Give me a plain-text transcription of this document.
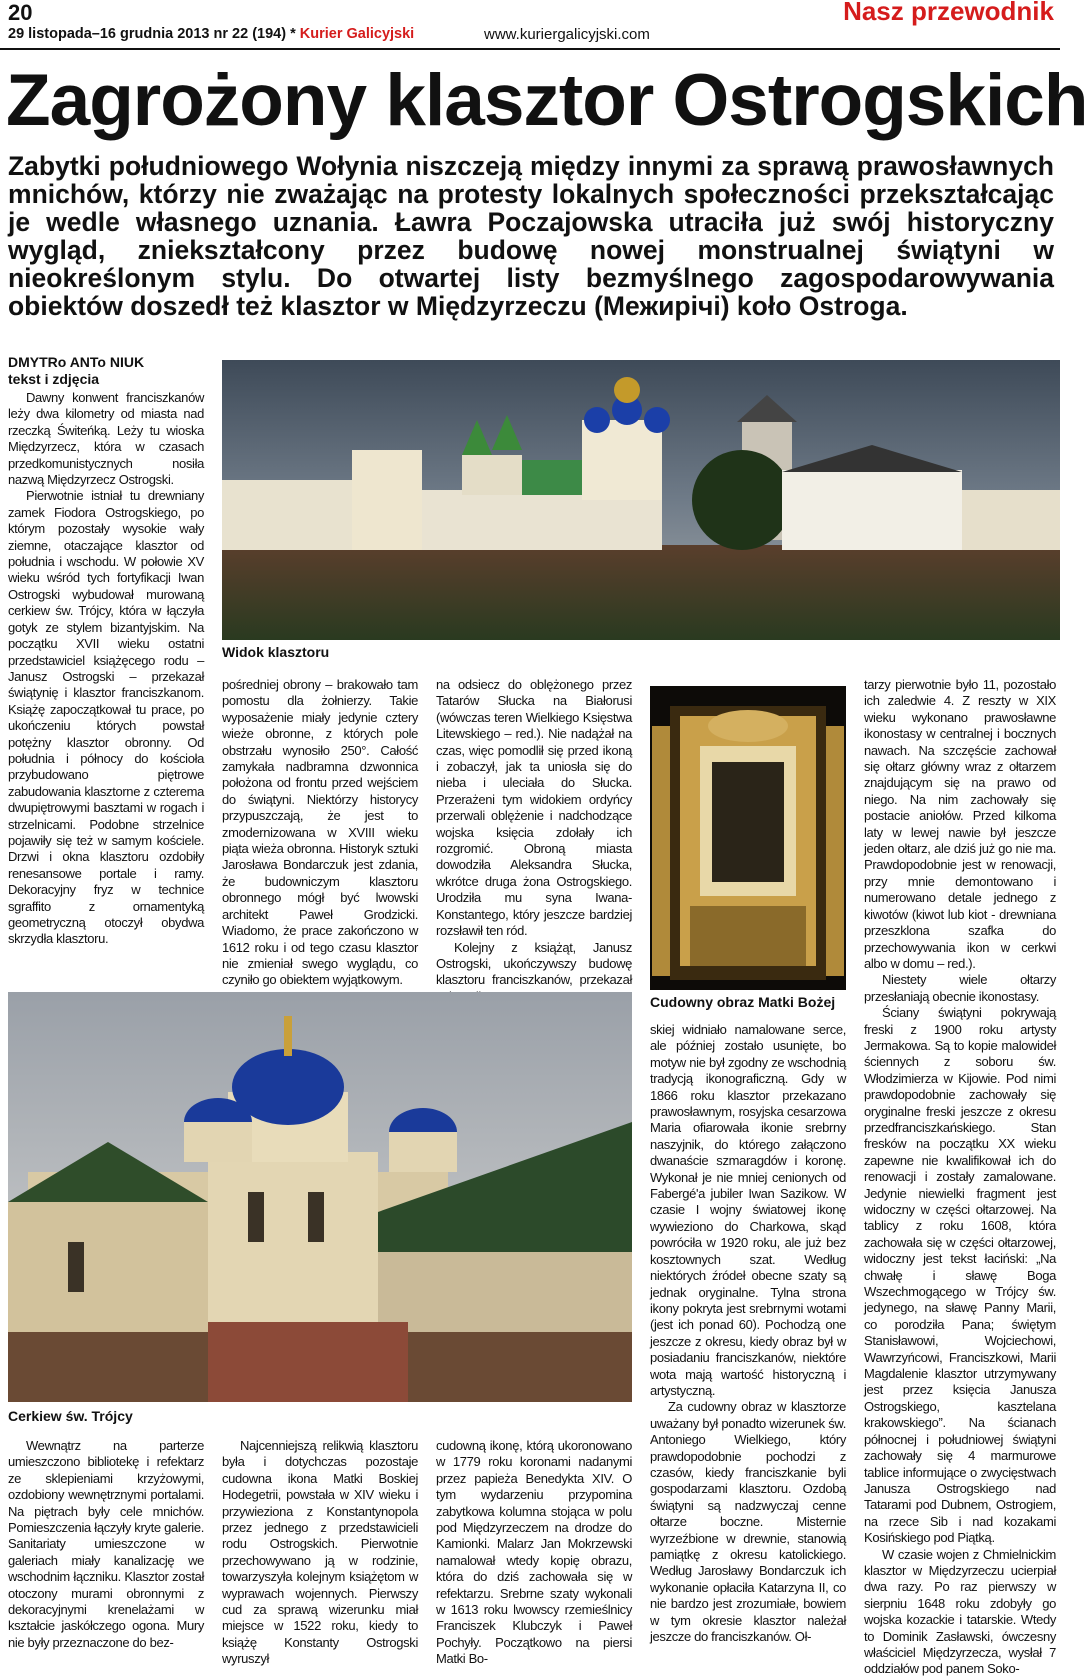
20	Nasz przewodnik
29 listopada–16 grudnia 2013 nr 22 (194) * Kurier Galicyjski	www.kuriergalicyjski.com
Zagrożony klasztor Ostrogskich
Zabytki południowego Wołynia niszczeją między innymi za sprawą prawosławnych mnichów, którzy nie zważając na protesty lokalnych społeczności przekształcając je wedle własnego uznania. Ławra Poczajowska utraciła już swój historyczny wygląd, zniekształcony przez budowę nowej monstrualnej świątyni w nieokreślonym stylu. Do otwartej listy bezmyślnego zagospodarowywania obiektów doszedł też klasztor w Międzyrzeczu (Межирічі) koło Ostroga.
DMYTRo ANTo NIUK
tekst i zdjęcia

Dawny konwent franciszkanów leży dwa kilometry od miasta nad rzeczką Świteńką. Leży tu wioska Międzyrzecz, która w czasach przedkomunistycznych nosiła nazwą Międzyrzecz Ostrogski.

Pierwotnie istniał tu drewniany zamek Fiodora Ostrogskiego, po którym pozostały wysokie wały ziemne, otaczające klasztor od południa i wschodu. W połowie XV wieku wśród tych fortyfikacji Iwan Ostrogski wybudował murowaną cerkiew św. Trójcy, która w łączyła gotyk ze stylem bizantyjskim. Na początku XVII wieku ostatni przedstawiciel książęcego rodu – Janusz Ostrogski – przekazał świątynię i klasztor franciszkanom. Książę zapoczątkował tu prace, po ukończeniu których powstał potężny klasztor obronny. Od południa i północy do kościoła przybudowano piętrowe zabudowania klasztorne z czterema dwupiętrowymi basztami w rogach i strzelnicami. Podobne strzelnice pojawiły się też w samym kościele. Drzwi i okna klasztoru ozdobiły renesansowe portale i ramy. Dekoracyjny fryz w technice sgraffito z ornamentyką geometryczną otoczył obydwa skrzydła klasztoru.

Widok klasztoru

pośredniej obrony – brakowało tam pomostu dla żołnierzy. Takie wyposażenie miały jedynie cztery wieże obronne, z których pole obstrzału wynosiło 250°. Całość zamykała nadbramna dzwonnica położona od frontu przed wejściem do świątyni. Niektórzy historycy przypuszczają, że jest to zmodernizowana w XVIII wieku piąta wieża obronna. Historyk sztuki Jarosława Bondarczuk jest zdania, że budowniczym klasztoru obronnego mógł być lwowski architekt Paweł Grodzicki. Wiadomo, że prace zakończono w 1612 roku i od tego czasu klasztor nie zmieniał swego wyglądu, co czyniło go obiektem wyjątkowym.

na odsiecz do oblężonego przez Tatarów Słucka na Białorusi (wówczas teren Wielkiego Księstwa Litewskiego – red.). Nie nadążał na czas, więc pomodlił się przed ikoną i zobaczył, jak ta uniosła się do nieba i uleciała do Słucka. Przerażeni tym widokiem ordyńcy przerwali oblężenie i nadchodzące wojska księcia zdołały ich rozgromić. Obroną miasta dowodziła Aleksandra Słucka, wkrótce druga żona Ostrogskiego. Urodziła mu syna Iwana-Konstantego, który jeszcze bardziej rozsławił ten ród.

Kolejny z książąt, Janusz Ostrogski, ukończywszy budowę klasztoru franciszkanów, przekazał

Cudowny obraz Matki Bożej

skiej widniało namalowane serce, ale później zostało usunięte, bo motyw nie był zgodny ze wschodnią tradycją ikonograficzną. Gdy w 1866 roku klasztor przekazano prawosławnym, rosyjska cesarzowa Maria ofiarowała ikonie srebrny naszyjnik, do którego załączono dwanaście szmaragdów i koronę. Wykonał je nie mniej cenionych od Fabergé'a jubiler Iwan Sazikow. W czasie I wojny światowej ikonę wywieziono do Charkowa, skąd powróciła w 1920 roku, ale już bez kosztownych szat. Według niektórych źródeł obecne szaty są jednak oryginalne. Tylna strona ikony pokryta jest srebrnymi wotami (jest ich ponad 60). Pochodzą one jeszcze z okresu, kiedy obraz był w posiadaniu franciszkanów, niektóre wota mają wartość historyczną i artystyczną.

Za cudowny obraz w klasztorze uważany był ponadto wizerunek św. Antoniego Wielkiego, który prawdopodobnie pochodzi z czasów, kiedy franciszkanie byli gospodarzami klasztoru. Ozdobą świątyni są nadzwyczaj cenne ołtarze boczne. Misternie wyrzeźbione w drewnie, stanowią pamiątkę z okresu katolickiego. Według Jarosławy Bondarczuk ich wykonanie opłaciła Katarzyna II, co nie bardzo jest zrozumiałe, bowiem w tym okresie klasztor należał jeszcze do franciszkanów. Oł-

tarzy pierwotnie było 11, pozostało ich zaledwie 4. Z reszty w XIX wieku wykonano prawosławne ikonostasy w centralnej i bocznych nawach. Na szczęście zachował się ołtarz główny wraz z ołtarzem znajdującym się na prawo od niego. Na nim zachowały się postacie aniołów. Przed kilkoma laty w lewej nawie był jeszcze jeden ołtarz, ale dziś już go nie ma. Prawdopodobnie jest w renowacji, przy mnie demontowano i numerowano detale jednego z kiwotów (kiwot lub kiot - drewniana przeszklona szafka do przechowywania ikon w cerkwi albo w domu – red.).

Niestety wiele ołtarzy przesłaniają obecnie ikonostasy.

Ściany świątyni pokrywają freski z 1900 roku artysty Jermakowa. Są to kopie malowideł ściennych z soboru św. Włodzimierza w Kijowie. Pod nimi prawdopodobnie zachowały się oryginalne freski jeszcze z okresu przedfranciszkańskiego. Stan fresków na początku XX wieku zapewne nie kwalifikował ich do renowacji i zostały zamalowane. Jedynie niewielki fragment jest widoczny w części ołtarzowej. Na tablicy z roku 1608, która zachowała się w części ołtarzowej, widoczny jest tekst łaciński: „Na chwałę i sławę Boga Wszechmogącego w Trójcy św. jedynego, na sławę Panny Marii, co porodziła Pana; świętym Stanisławowi, Wojciechowi, Wawrzyńcowi, Franciszkowi, Marii Magdalenie klasztor utrzymywany jest przez księcia Janusza Ostrogskiego, kasztelana krakowskiego”. Na ścianach północnej i południowej świątyni zachowały się 4 marmurowe tablice informujące o zwycięstwach Janusza Ostrogskiego nad Tatarami pod Dubnem, Ostrogiem, na rzece Sib i nad kozakami Kosińskiego pod Piątką.

W czasie wojen z Chmielnickim klasztor w Międzyrzeczu ucierpiał dwa razy. Po raz pierwszy w sierpniu 1648 roku zdobyły go wojska kozackie i tatarskie. Wtedy to Dominik Zasławski, ówczesny właściciel Międzyrzecza, wysłał 7 oddziałów pod panem Soko-

Cerkiew św. Trójcy

Wewnątrz na parterze umieszczono bibliotekę i refektarz ze sklepieniami krzyżowymi, ozdobiony wewnętrznymi portalami. Na piętrach były cele mnichów. Pomieszczenia łączyły kryte galerie. Sanitariaty umieszczone w galeriach miały kanalizację we wschodnim łączniku. Klasztor został otoczony murami obronnymi z dekoracyjnymi krenelażami w kształcie jaskółczego ogona. Mury nie były przeznaczone do bez-

Najcenniejszą relikwią klasztoru była i dotychczas pozostaje cudowna ikona Matki Boskiej Hodegetrii, powstała w XIV wieku i przywieziona z Konstantynopola przez jednego z przedstawicieli rodu Ostrogskich. Pierwotnie przechowywano ją w rodzinie, towarzyszyła kolejnym książętom w wyprawach wojennych. Pierwszy cud za sprawą wizerunku miał miejsce w 1522 roku, kiedy to książę Konstanty Ostrogski wyruszył

cudowną ikonę, którą ukoronowano w 1779 roku koronami nadanymi przez papieża Benedykta XIV. O tym wydarzeniu przypomina zabytkowa kolumna stojąca w polu pod Międzyrzeczem na drodze do Kamionki. Malarz Jan Mokrzewski namalował wtedy kopię obrazu, która do dziś zachowała się w refektarzu. Srebrne szaty wykonali w 1613 roku lwowscy rzemieślnicy Franciszek Klubczyk i Paweł Pochyły. Początkowo na piersi Matki Bo-
